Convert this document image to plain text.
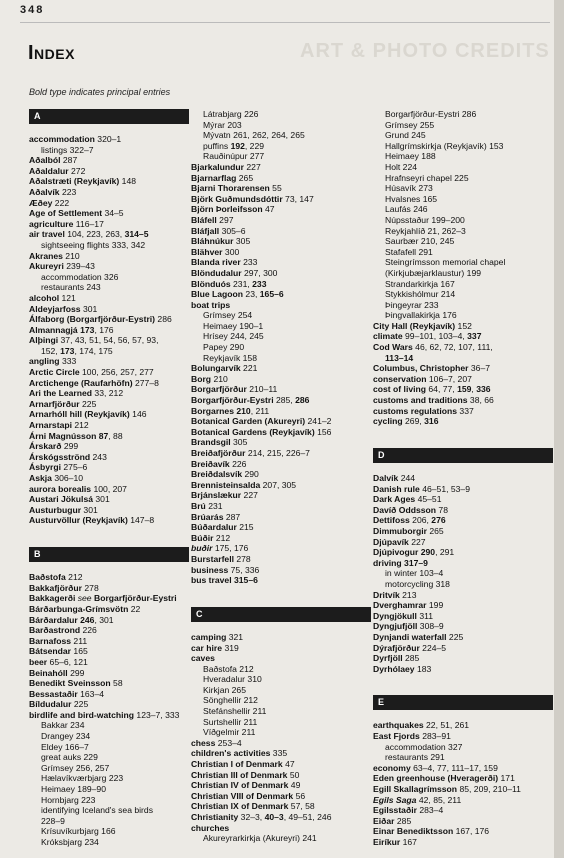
348
ART & PHOTO CREDITS
Index
Bold type indicates principal entries
A
accommodation 320–1
listings 322–7
Aðalból 287
Aðaldalur 272
Aðalstræti (Reykjavík) 148
Aðalvík 223
Æðey 222
Age of Settlement 34–5
agriculture 116–17
air travel 104, 223, 263, 314–5
sightseeing flights 333, 342
Akranes 210
Akureyri 239–43
accommodation 326
restaurants 243
alcohol 121
Aldeyjarfoss 301
Álfaborg (Borgarfjörður-Eystri) 286
Almannagjá 173, 176
Alþingi 37, 43, 51, 54, 56, 57, 93,
152, 173, 174, 175
angling 333
Arctic Circle 100, 256, 257, 277
Arctichenge (Raufarhöfn) 277–8
Ari the Learned 33, 212
Arnarfjörður 225
Arnarhóll hill (Reykjavík) 146
Arnarstapi 212
Árni Magnússon 87, 88
Árskarð 299
Árskógsströnd 243
Ásbyrgi 275–6
Askja 306–10
aurora borealis 100, 207
Austari Jökulsá 301
Austurbugur 301
Austurvöllur (Reykjavík) 147–8
B
Baðstofa 212
Bakkafjörður 278
Bakkagerði see Borgarfjörður-Eystri
Bárðarbunga-Grímsvötn 22
Bárðardalur 246, 301
Barðastrond 226
Barnafoss 211
Bátsendar 165
beer 65–6, 121
Beinahóll 299
Benedikt Sveinsson 58
Bessastaðir 163–4
Bíldudalur 225
birdlife and bird-watching 123–7, 333
Bakkar 234
Drangey 234
Eldey 166–7
great auks 229
Grímsey 256, 257
Hælavíkværbjarg 223
Heimaey 189–90
Hornbjarg 223
identifying Iceland's sea birds
228–9
Krísuvíkurbjarg 166
Króksbjarg 234
Látrabjarg 226
Mýrar 203
Mývatn 261, 262, 264, 265
puffins 192, 229
Rauðinúpur 277
Bjarkalundur 227
Bjarnarflag 265
Bjarni Thorarensen 55
Björk Guðmundsdóttir 73, 147
Björn Þorleifsson 47
Bláfell 297
Bláfjall 305–6
Bláhnúkur 305
Blähver 300
Blanda river 233
Blöndudalur 297, 300
Blönduós 231, 233
Blue Lagoon 23, 165–6
boat trips
Grímsey 254
Heimaey 190–1
Hrísey 244, 245
Papey 290
Reykjavík 158
Bolungarvík 221
Borg 210
Borgarfjörður 210–11
Borgarfjörður-Eystri 285, 286
Borgarnes 210, 211
Botanical Garden (Akureyri) 241–2
Botanical Gardens (Reykjavík) 156
Brandsgil 305
Breiðafjörður 214, 215, 226–7
Breiðavík 226
Breiðdalsvík 290
Brennisteinsalda 207, 305
Brjánslækur 227
Brú 231
Brúarás 287
Búðardalur 215
Búðir 212
buðir 175, 176
Burstarfell 278
business 75, 336
bus travel 315–6
C
camping 321
car hire 319
caves
Baðstofa 212
Hveradalur 310
Kirkjan 265
Sönghellir 212
Stefánshellir 211
Surtshellir 211
Víðgelmir 211
chess 253–4
children's activities 335
Christian I of Denmark 47
Christian III of Denmark 50
Christian IV of Denmark 49
Christian VIII of Denmark 56
Christian IX of Denmark 57, 58
Christianity 32–3, 40–3, 49–51, 246
churches
Akureyrarkirkja (Akureyri) 241
Borgarfjörður-Eystri 286
Grímsey 255
Grund 245
Hallgrímskirkja (Reykjavík) 153
Heimaey 188
Holt 224
Hrafnseyri chapel 225
Húsavík 273
Hvalsnes 165
Laufás 246
Núpsstaður 199–200
Reykjahlíð 21, 262–3
Saurbær 210, 245
Stafafell 291
Steingrímsson memorial chapel
(Kirkjubæjarklaustur) 199
Strandarkirkja 167
Stykkishólmur 214
Þingeyrar 233
Þingvallakirkja 176
City Hall (Reykjavík) 152
climate 99–101, 103–4, 337
Cod Wars 46, 62, 72, 107, 111,
113–14
Columbus, Christopher 36–7
conservation 106–7, 207
cost of living 64, 77, 159, 336
customs and traditions 38, 66
customs regulations 337
cycling 269, 316
D
Dalvík 244
Danish rule 46–51, 53–9
Dark Ages 45–51
Davíð Oddsson 78
Dettifoss 206, 276
Dimmuborgir 265
Djúpavík 227
Djúpivogur 290, 291
driving 317–9
in winter 103–4
motorcycling 318
Dritvík 213
Dverghamrar 199
Dyngjökull 311
Dyngjufjöll 308–9
Dynjandi waterfall 225
Dýrafjörður 224–5
Dyrfjöll 285
Dyrhólaey 183
E
earthquakes 22, 51, 261
East Fjords 283–91
accommodation 327
restaurants 291
economy 63–4, 77, 111–17, 159
Eden greenhouse (Hveragerði) 171
Egill Skallagrímsson 85, 209, 210–11
Egils Saga 42, 85, 211
Egilsstaðir 283–4
Eiðar 285
Einar Benediktsson 167, 176
Eiríkur 167
